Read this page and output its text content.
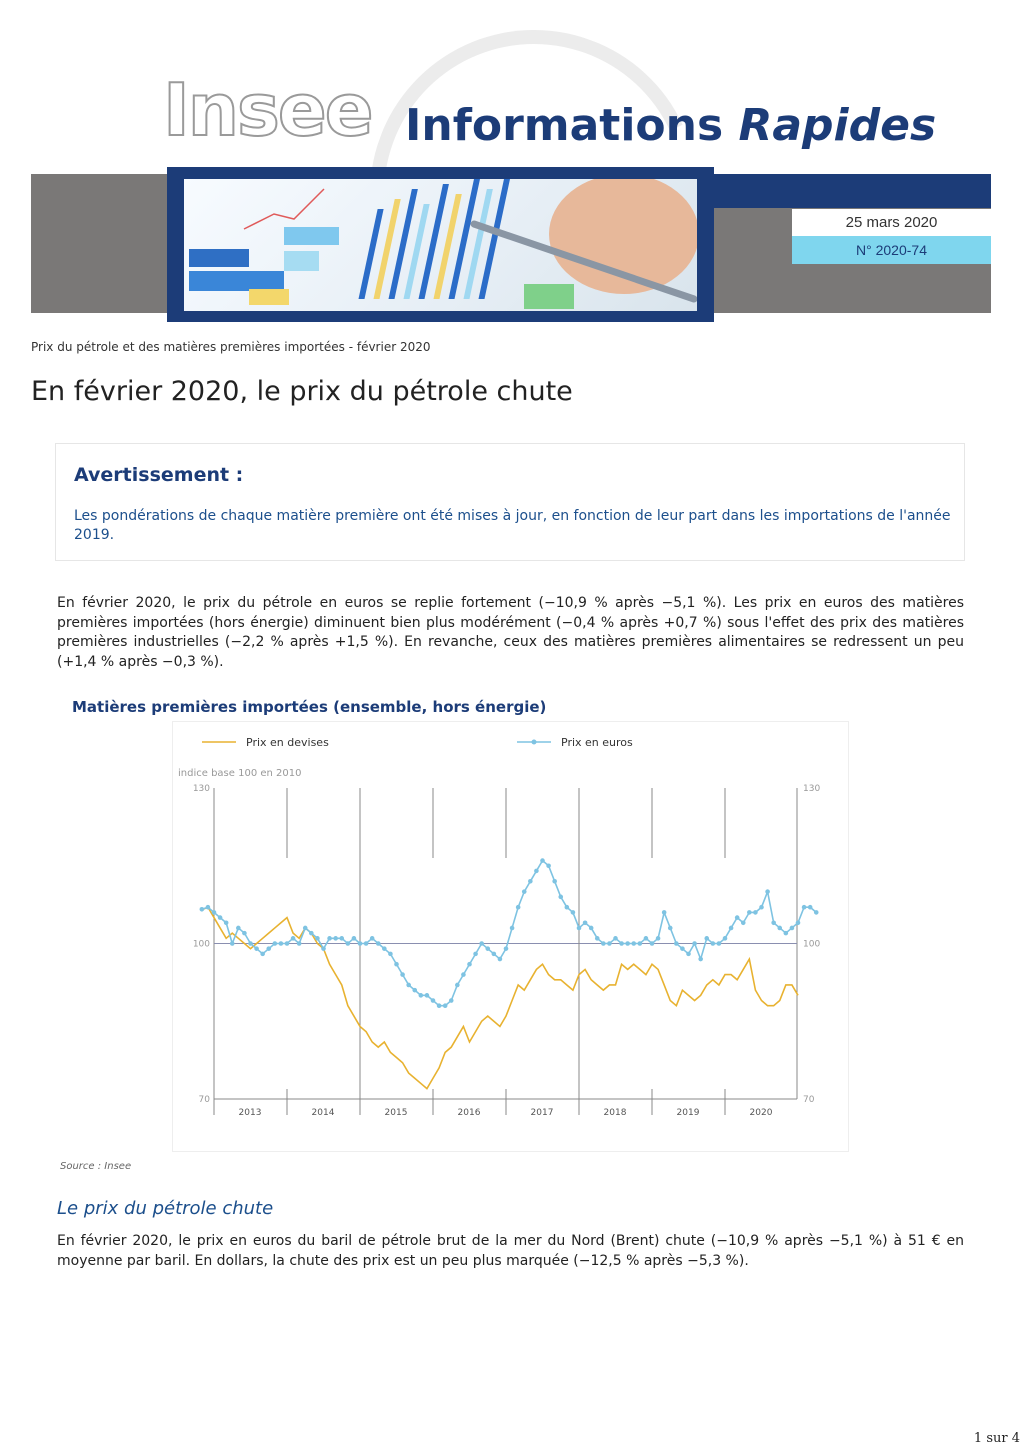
Insee Informations Rapides
25 mars 2020
N° 2020-74
Prix du pétrole et des matières premières importées - février 2020
En février 2020, le prix du pétrole chute
Avertissement :
Les pondérations de chaque matière première ont été mises à jour, en fonction de leur part dans les importations de l'année 2019.

En février 2020, le prix du pétrole en euros se replie fortement (−10,9 % après −5,1 %). Les prix en euros des matières premières importées (hors énergie) diminuent bien plus modérément (−0,4 % après +0,7 %) sous l'effet des prix des matières premières industrielles (−2,2 % après +1,5 %). En revanche, ceux des matières premières alimentaires se redressent un peu (+1,4 % après −0,3 %).

Matières premières importées (ensemble, hors énergie)
Prix en devises	Prix en euros
indice base 100 en 2010
2013	2014	2015	2016	2017	2018	2019	2020
130	130
100	100
70	70
Source : Insee
Le prix du pétrole chute

En février 2020, le prix en euros du baril de pétrole brut de la mer du Nord (Brent) chute (−10,9 % après −5,1 %) à 51 € en moyenne par baril. En dollars, la chute des prix est un peu plus marquée (−12,5 % après −5,3 %).

1 sur 4
